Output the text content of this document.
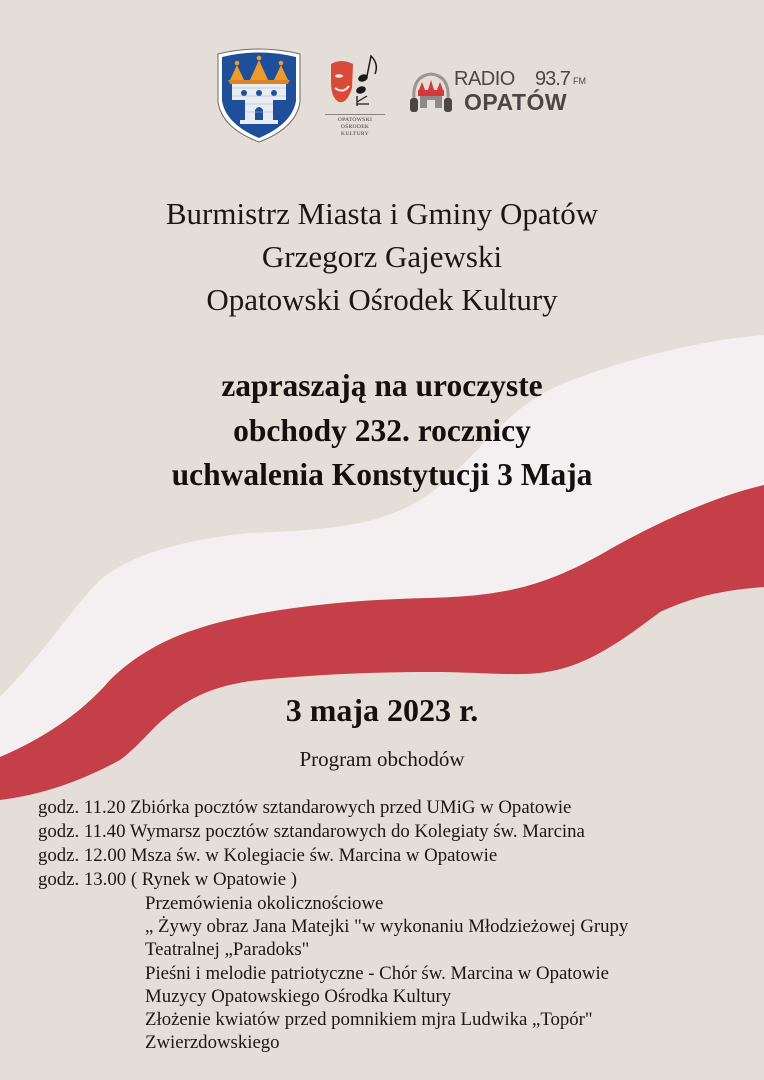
OPATOWSKI
OŚRODEK
KULTURY
RADIO 93.7 FM
OPATÓW
Burmistrz Miasta i Gminy Opatów
Grzegorz Gajewski
Opatowski Ośrodek Kultury
zapraszają na uroczyste
obchody 232. rocznicy
uchwalenia Konstytucji 3 Maja
3 maja 2023 r.
Program obchodów
godz. 11.20 Zbiórka pocztów sztandarowych przed UMiG w Opatowie
godz. 11.40 Wymarsz pocztów sztandarowych do Kolegiaty św. Marcina
godz. 12.00 Msza św. w Kolegiacie św. Marcina w Opatowie
godz. 13.00 ( Rynek w Opatowie )
Przemówienia okolicznościowe
„ Żywy obraz Jana Matejki "w wykonaniu Młodzieżowej Grupy
Teatralnej „Paradoks"
Pieśni i melodie patriotyczne - Chór św. Marcina w Opatowie
Muzycy Opatowskiego Ośrodka Kultury
Złożenie kwiatów przed pomnikiem mjra Ludwika „Topór"
Zwierzdowskiego
